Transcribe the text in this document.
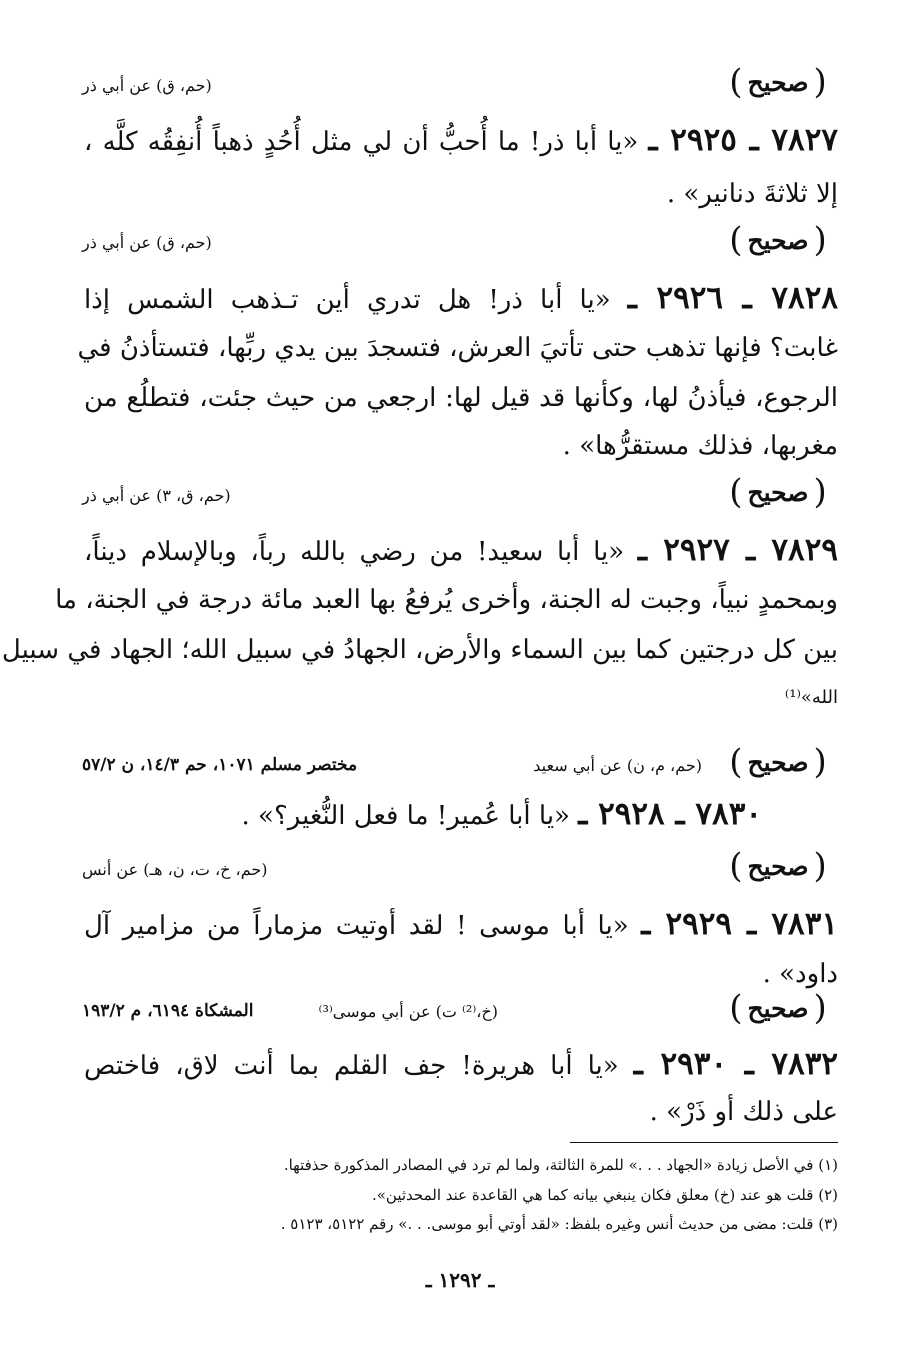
(
صحيح
)
(حم، ق) عن أبي ذر
٧٨٢٧ ـ ٢٩٢٥ ـ «يا أبا ذر! ما أُحبُّ أن لي مثل أُحُدٍ ذهباً أُنفِقُه كلَّه ،
إلا ثلاثةَ دنانير» .
(
صحيح
)
(حم، ق) عن أبي ذر
٧٨٢٨ ـ ٢٩٢٦ ـ «يا أبا ذر! هل تدري أين تـذهب الشمس إذا
غابت؟ فإنها تذهب حتى تأتيَ العرش، فتسجدَ بين يدي ربِّها، فتستأذنُ في
الرجوع، فيأذنُ لها، وكأنها قد قيل لها: ارجعي من حيث جئت، فتطلُع من
مغربها، فذلك مستقرُّها» .
(
صحيح
)
(حم، ق، ٣) عن أبي ذر
٧٨٢٩ ـ ٢٩٢٧ ـ «يا أبا سعيد! من رضي بالله رباً، وبالإسلام ديناً،
وبمحمدٍ نبياً، وجبت له الجنة، وأخرى يُرفعُ بها العبد مائة درجة في الجنة، ما
بين كل درجتين كما بين السماء والأرض، الجهادُ في سبيل الله؛ الجهاد في سبيل
الله»⁽¹⁾
(
صحيح
)
(حم، م، ن) عن أبي سعيد
مختصر مسلم ١٠٧١، حم ١٤/٣، ن ٥٧/٢
٧٨٣٠ ـ ٢٩٢٨ ـ «يا أبا عُمير! ما فعل النُّغير؟» .
(
صحيح
)
(حم، خ، ت، ن، هـ) عن أنس
٧٨٣١ ـ ٢٩٢٩ ـ «يا أبا موسى ! لقد أوتيت مزماراً من مزامير آل
داود» .
(
صحيح
)
(خ،⁽²⁾ ت) عن أبي موسى⁽³⁾
المشكاة ٦١٩٤، م ١٩٣/٢
٧٨٣٢ ـ ٢٩٣٠ ـ «يا أبا هريرة! جف القلم بما أنت لاق، فاختص
على ذلك أو ذَرْ» .
(١) في الأصل زيادة «الجهاد . . .» للمرة الثالثة، ولما لم ترد في المصادر المذكورة حذفتها.
(٢) قلت هو عند (خ) معلق فكان ينبغي بيانه كما هي القاعدة عند المحدثين».
(٣) قلت: مضى من حديث أنس وغيره بلفظ: «لقد أوتي أبو موسى. . .» رقم ٥١٢٢، ٥١٢٣ .
ـ ١٢٩٢ ـ
